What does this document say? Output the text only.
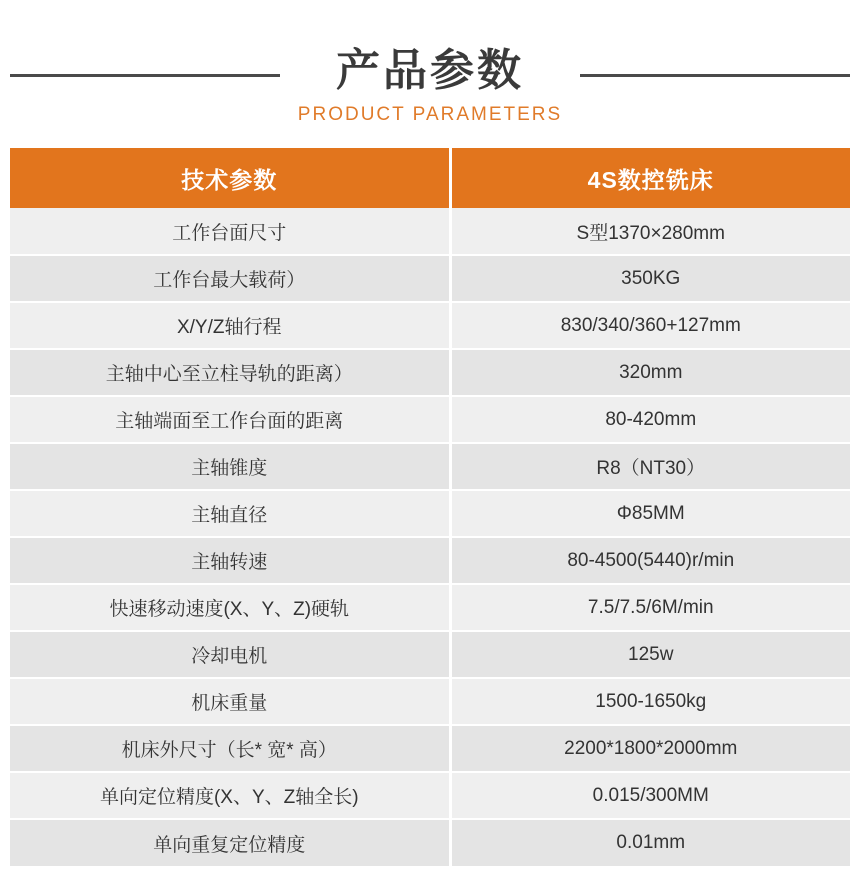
产品参数
PRODUCT PARAMETERS
技术参数	4S数控铣床
工作台面尺寸	S型1370×280mm
工作台最大载荷）	350KG
X/Y/Z轴行程	830/340/360+127mm
主轴中心至立柱导轨的距离）	320mm
主轴端面至工作台面的距离	80-420mm
主轴锥度	R8（NT30）
主轴直径	Φ85MM
主轴转速	80-4500(5440)r/min
快速移动速度(X、Y、Z)硬轨	7.5/7.5/6M/min
冷却电机	125w
机床重量	1500-1650kg
机床外尺寸（长* 宽* 高）	2200*1800*2000mm
单向定位精度(X、Y、Z轴全长)	0.015/300MM
单向重复定位精度	0.01mm
